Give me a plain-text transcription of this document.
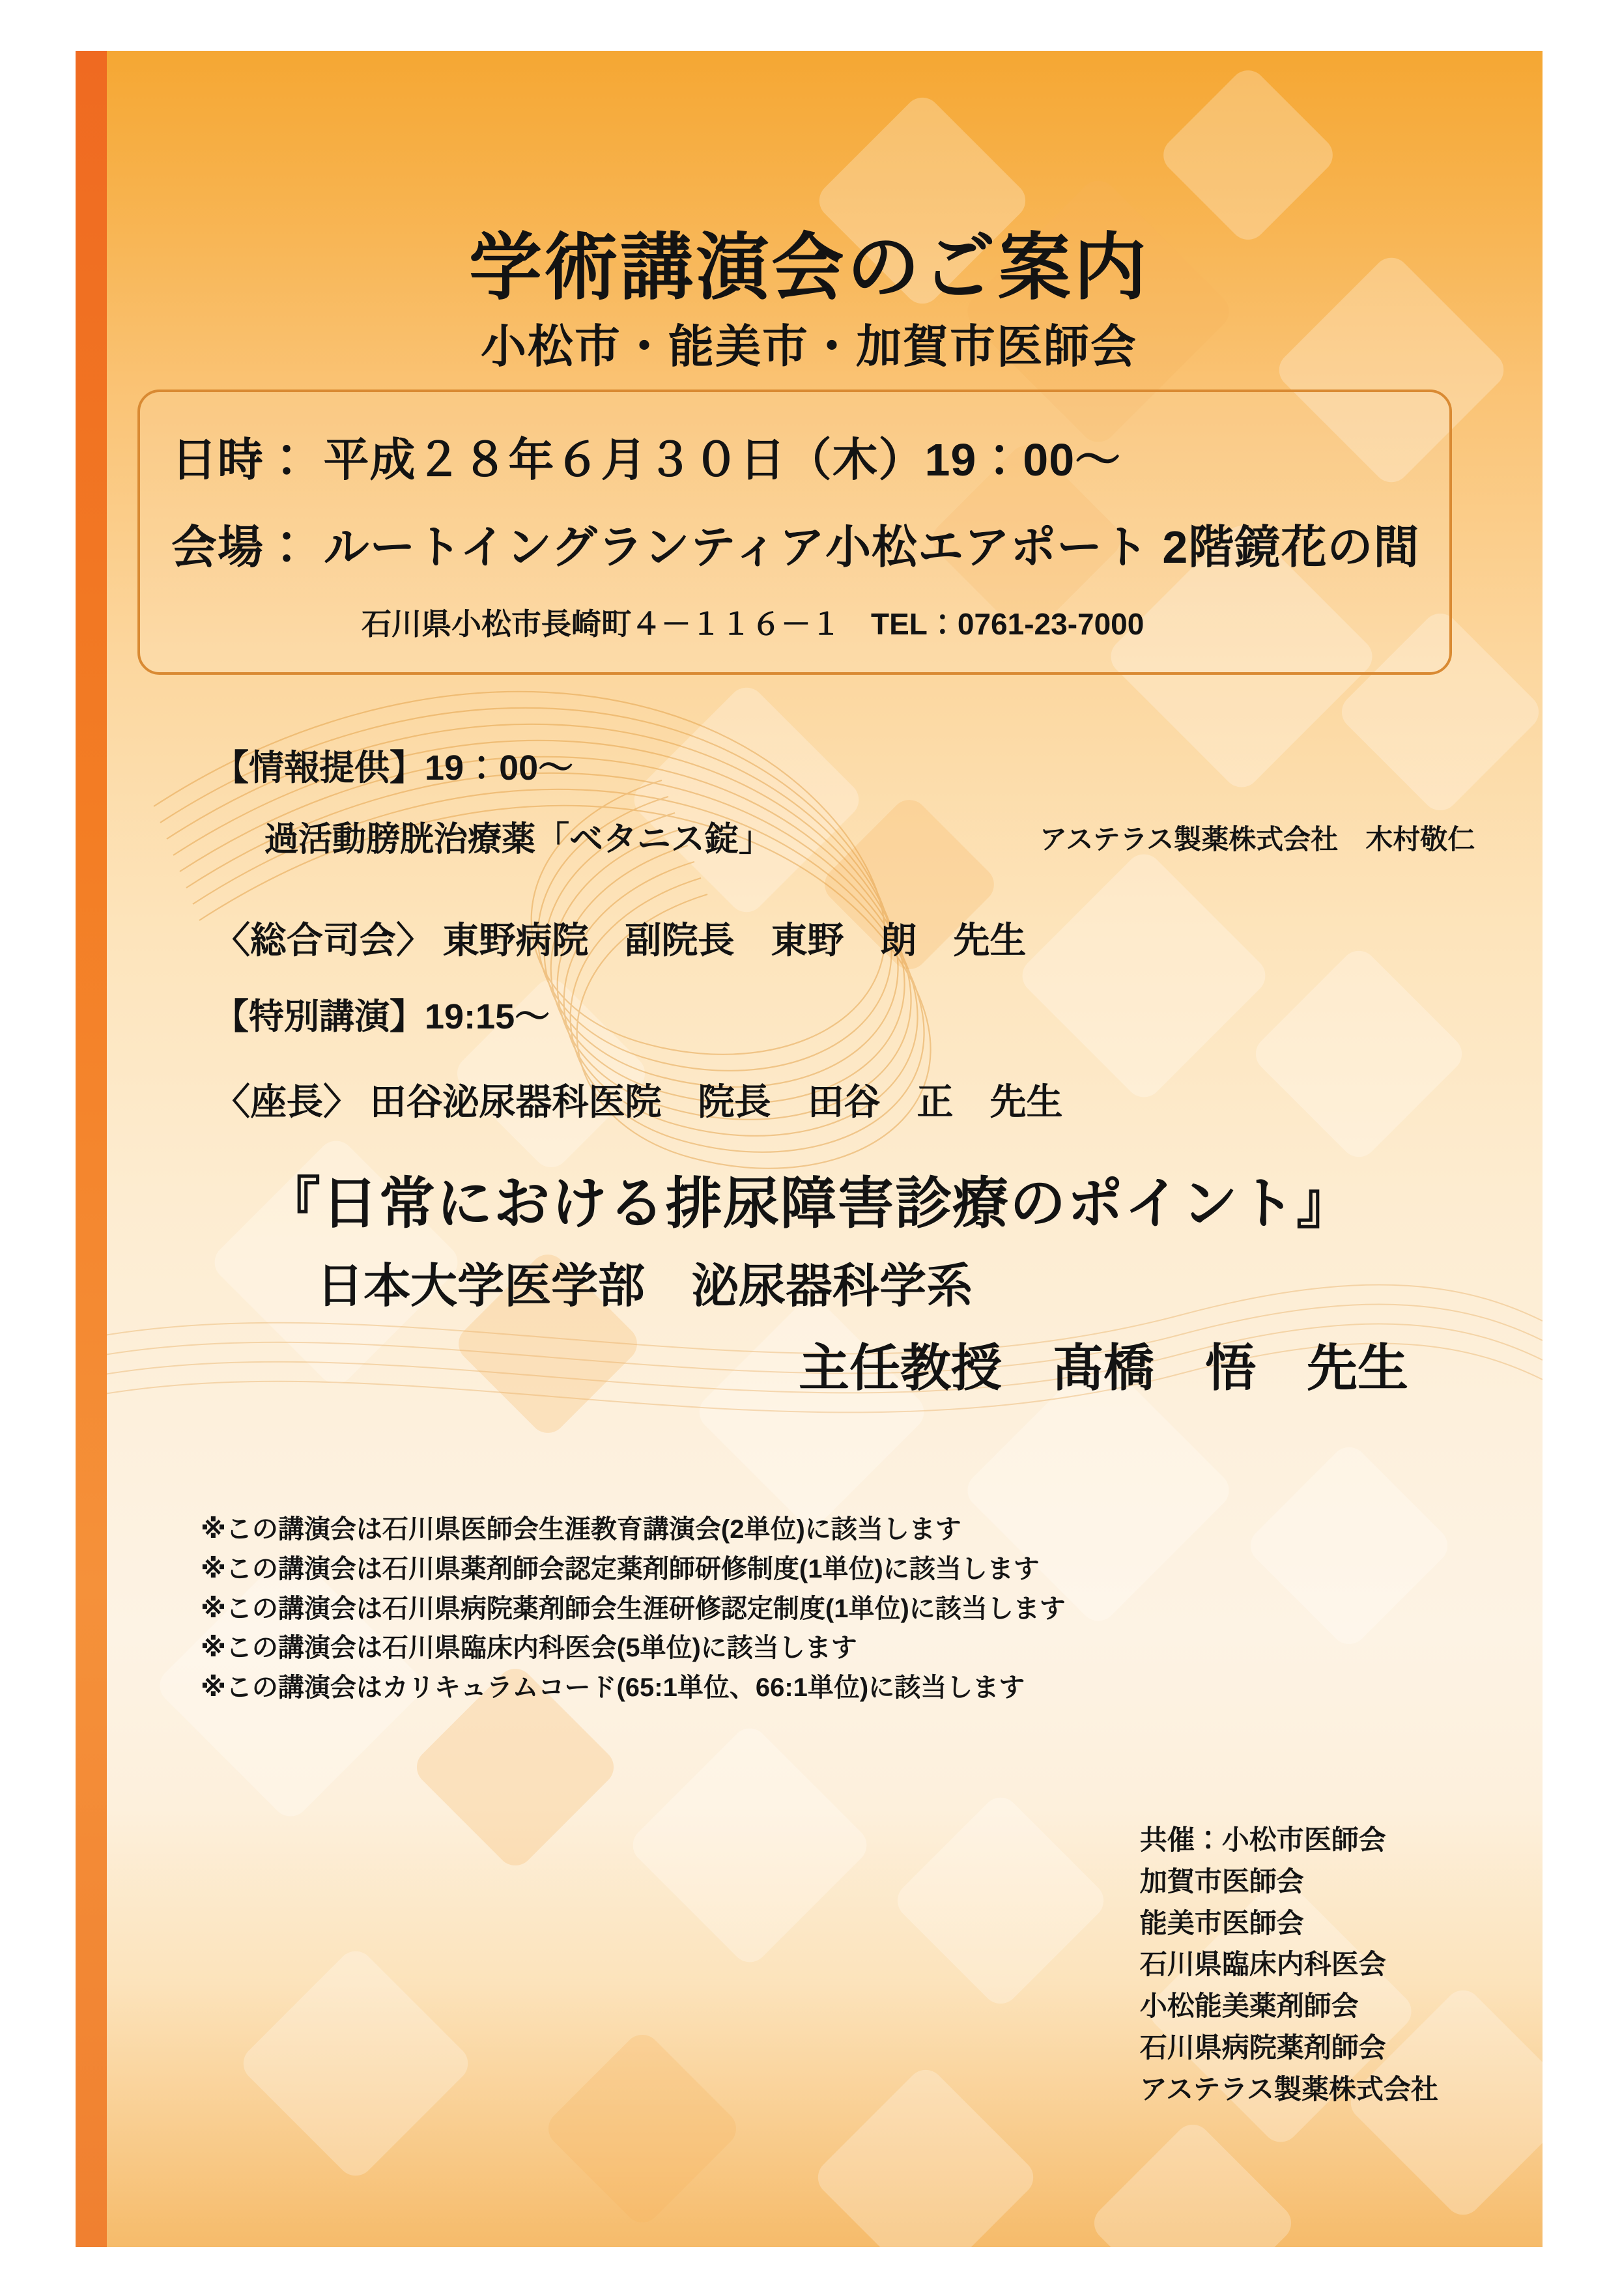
学術講演会のご案内
小松市・能美市・加賀市医師会
日時： 平成２８年６月３０日（木）19：00〜
会場： ルートイングランティア小松エアポート 2階鏡花の間
石川県小松市長崎町４－１１６－１　TEL：0761-23-7000
【情報提供】19：00〜
過活動膀胱治療薬「ベタニス錠」	アステラス製薬株式会社　木村敬仁
〈総合司会〉 東野病院　副院長　東野　朗　先生
【特別講演】19:15〜
〈座長〉 田谷泌尿器科医院　院長　田谷　正　先生
『日常における排尿障害診療のポイント』
日本大学医学部　泌尿器科学系
主任教授　髙橋　悟　先生
※この講演会は石川県医師会生涯教育講演会(2単位)に該当します
※この講演会は石川県薬剤師会認定薬剤師研修制度(1単位)に該当します
※この講演会は石川県病院薬剤師会生涯研修認定制度(1単位)に該当します
※この講演会は石川県臨床内科医会(5単位)に該当します
※この講演会はカリキュラムコード(65:1単位、66:1単位)に該当します
共催：小松市医師会
加賀市医師会
能美市医師会
石川県臨床内科医会
小松能美薬剤師会
石川県病院薬剤師会
アステラス製薬株式会社
